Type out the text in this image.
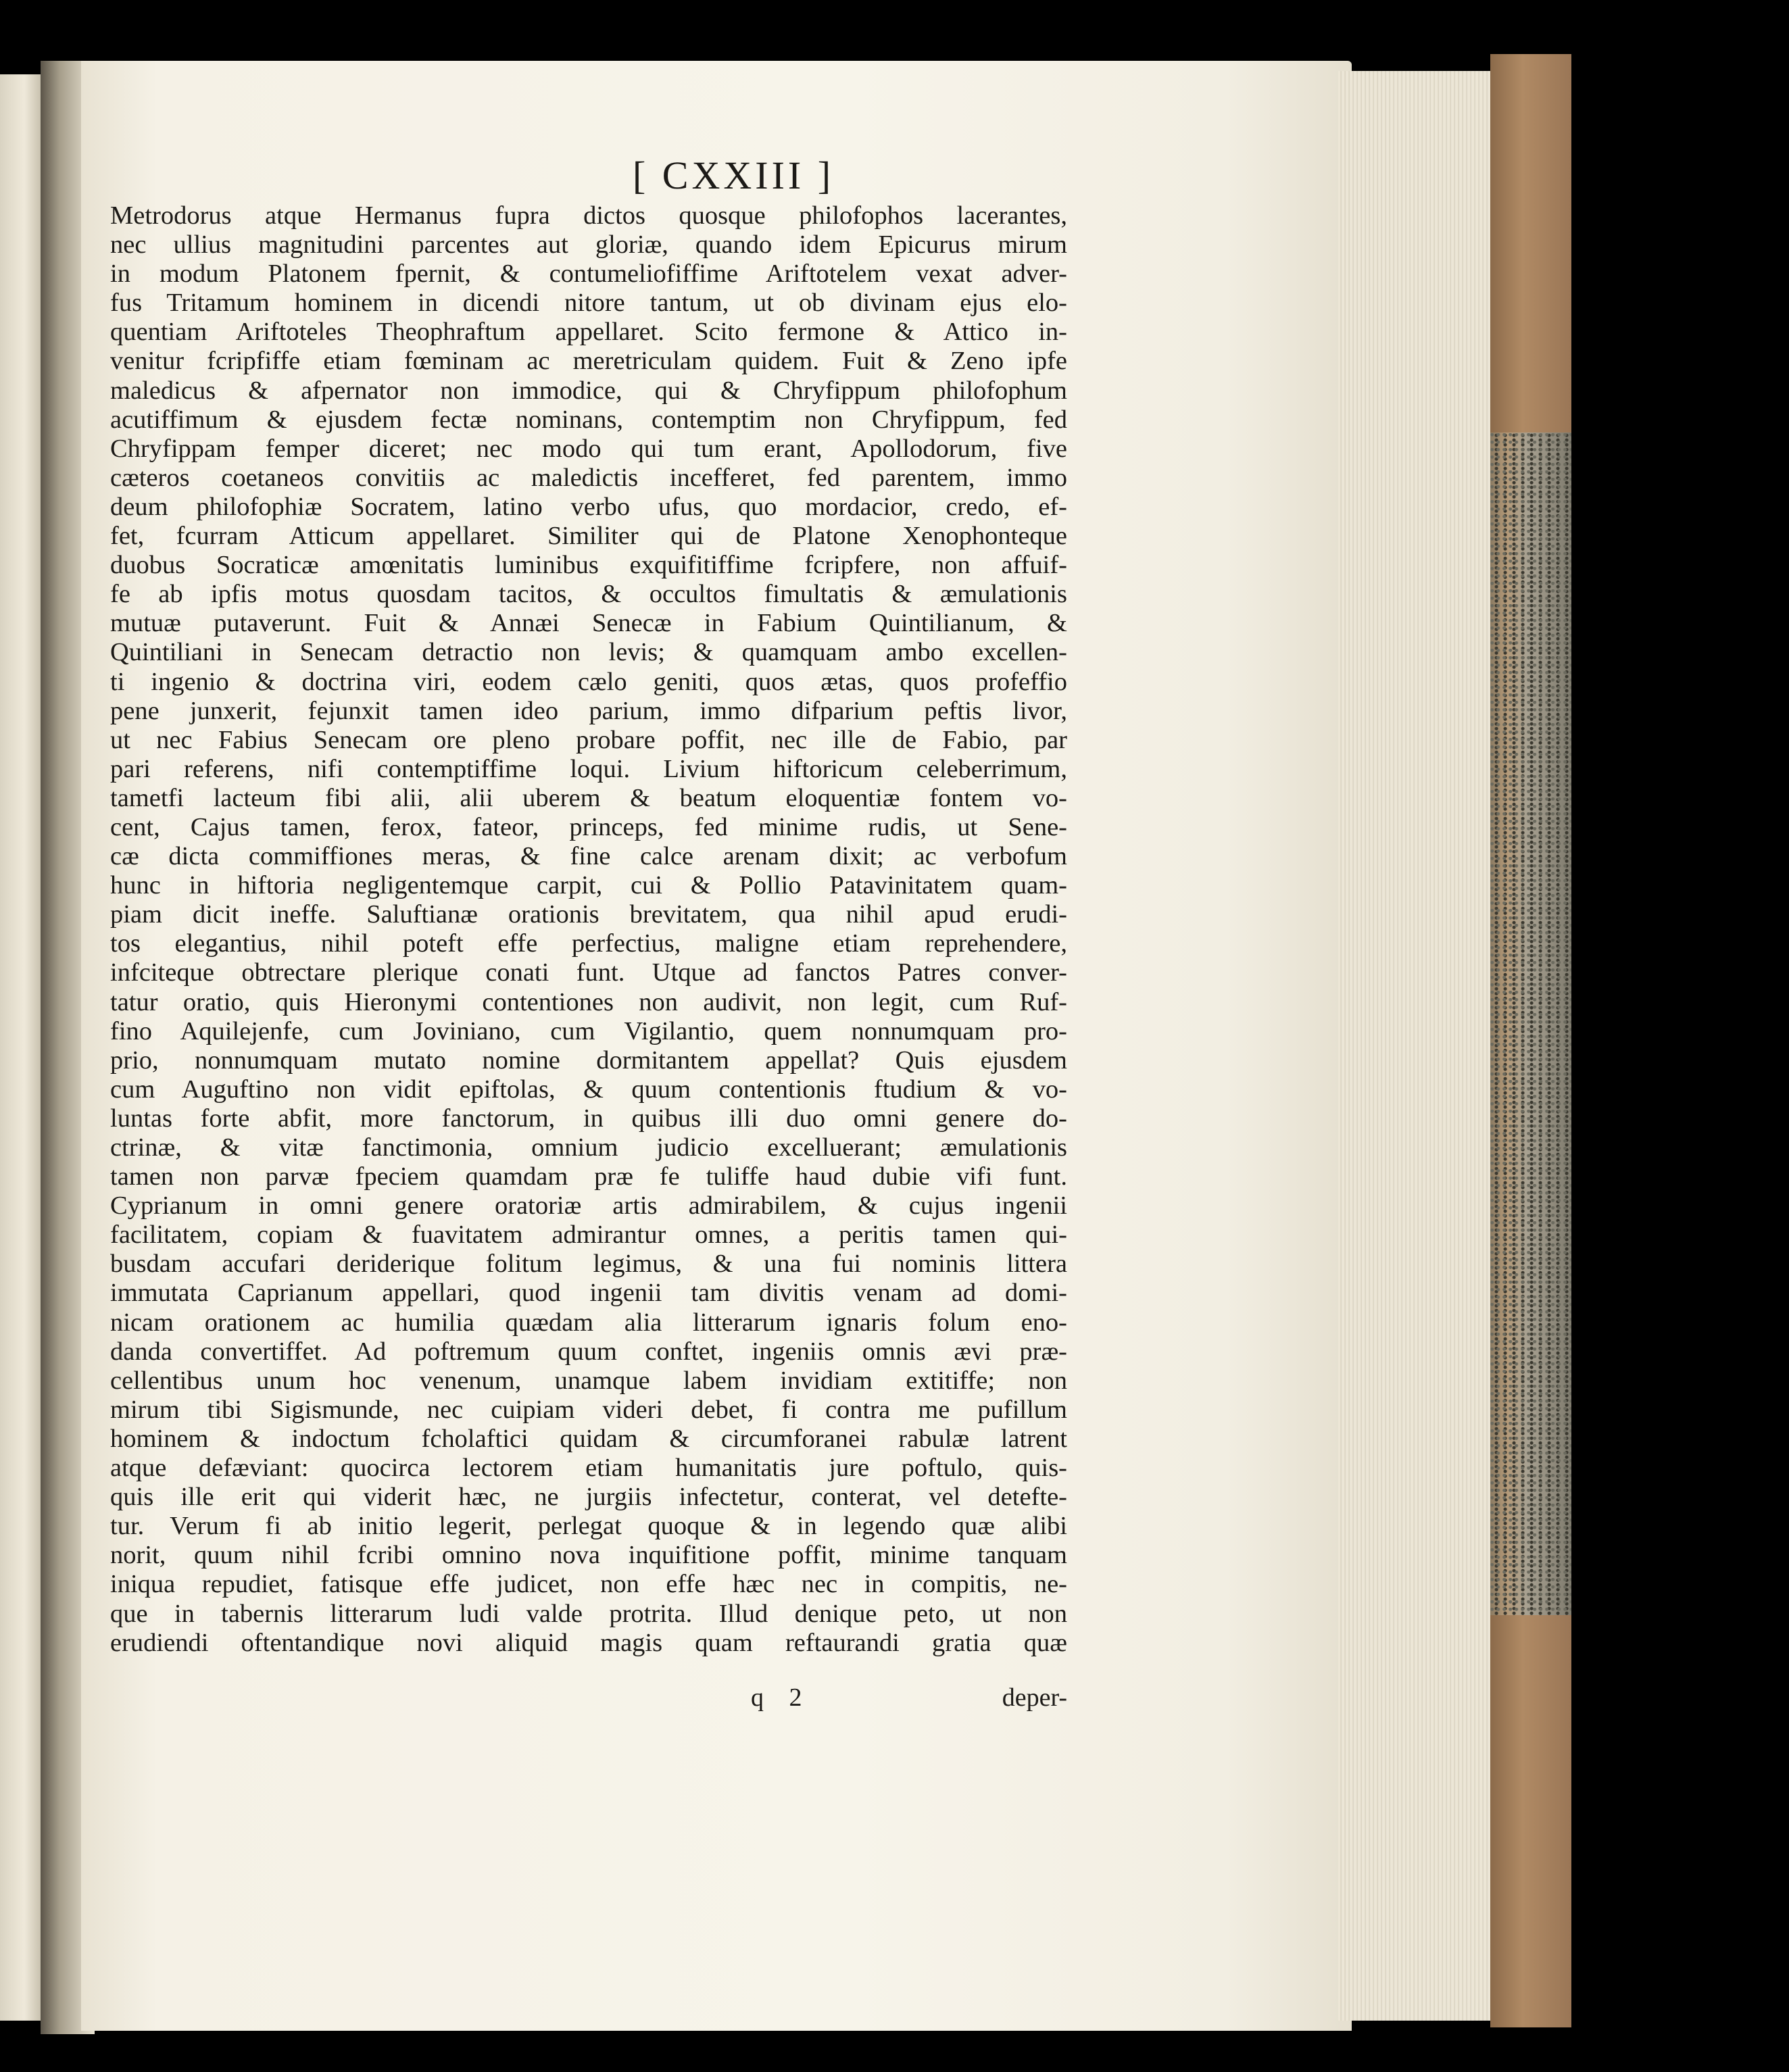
[ CXXIII ]
Metrodorus atque Hermanus fupra dictos quosque philofophos lacerantes,
nec ullius magnitudini parcentes aut gloriæ, quando idem Epicurus mirum
in modum Platonem fpernit, & contumeliofiffime Ariftotelem vexat adver-
fus Tritamum hominem in dicendi nitore tantum, ut ob divinam ejus elo-
quentiam Ariftoteles Theophraftum appellaret. Scito fermone & Attico in-
venitur fcripfiffe etiam fœminam ac meretriculam quidem. Fuit & Zeno ipfe
maledicus & afpernator non immodice, qui & Chryfippum philofophum
acutiffimum & ejusdem fectæ nominans, contemptim non Chryfippum, fed
Chryfippam femper diceret; nec modo qui tum erant, Apollodorum, five
cæteros coetaneos convitiis ac maledictis incefferet, fed parentem, immo
deum philofophiæ Socratem, latino verbo ufus, quo mordacior, credo, ef-
fet, fcurram Atticum appellaret. Similiter qui de Platone Xenophonteque
duobus Socraticæ amœnitatis luminibus exquifitiffime fcripfere, non affuif-
fe ab ipfis motus quosdam tacitos, & occultos fimultatis & æmulationis
mutuæ putaverunt. Fuit & Annæi Senecæ in Fabium Quintilianum, &
Quintiliani in Senecam detractio non levis; & quamquam ambo excellen-
ti ingenio & doctrina viri, eodem cælo geniti, quos ætas, quos profeffio
pene junxerit, fejunxit tamen ideo parium, immo difparium peftis livor,
ut nec Fabius Senecam ore pleno probare poffit, nec ille de Fabio, par
pari referens, nifi contemptiffime loqui. Livium hiftoricum celeberrimum,
tametfi lacteum fibi alii, alii uberem & beatum eloquentiæ fontem vo-
cent, Cajus tamen, ferox, fateor, princeps, fed minime rudis, ut Sene-
cæ dicta commiffiones meras, & fine calce arenam dixit; ac verbofum
hunc in hiftoria negligentemque carpit, cui & Pollio Patavinitatem quam-
piam dicit ineffe. Saluftianæ orationis brevitatem, qua nihil apud erudi-
tos elegantius, nihil poteft effe perfectius, maligne etiam reprehendere,
infciteque obtrectare plerique conati funt. Utque ad fanctos Patres conver-
tatur oratio, quis Hieronymi contentiones non audivit, non legit, cum Ruf-
fino Aquilejenfe, cum Joviniano, cum Vigilantio, quem nonnumquam pro-
prio, nonnumquam mutato nomine dormitantem appellat? Quis ejusdem
cum Auguftino non vidit epiftolas, & quum contentionis ftudium & vo-
luntas forte abfit, more fanctorum, in quibus illi duo omni genere do-
ctrinæ, & vitæ fanctimonia, omnium judicio excelluerant; æmulationis
tamen non parvæ fpeciem quamdam præ fe tuliffe haud dubie vifi funt.
Cyprianum in omni genere oratoriæ artis admirabilem, & cujus ingenii
facilitatem, copiam & fuavitatem admirantur omnes, a peritis tamen qui-
busdam accufari deriderique folitum legimus, & una fui nominis littera
immutata Caprianum appellari, quod ingenii tam divitis venam ad domi-
nicam orationem ac humilia quædam alia litterarum ignaris folum eno-
danda convertiffet. Ad poftremum quum conftet, ingeniis omnis ævi præ-
cellentibus unum hoc venenum, unamque labem invidiam extitiffe; non
mirum tibi Sigismunde, nec cuipiam videri debet, fi contra me pufillum
hominem & indoctum fcholaftici quidam & circumforanei rabulæ latrent
atque defæviant: quocirca lectorem etiam humanitatis jure poftulo, quis-
quis ille erit qui viderit hæc, ne jurgiis infectetur, conterat, vel detefte-
tur. Verum fi ab initio legerit, perlegat quoque & in legendo quæ alibi
norit, quum nihil fcribi omnino nova inquifitione poffit, minime tanquam
iniqua repudiet, fatisque effe judicet, non effe hæc nec in compitis, ne-
que in tabernis litterarum ludi valde protrita. Illud denique peto, ut non
erudiendi oftentandique novi aliquid magis quam reftaurandi gratia quæ
q 2	deper-
